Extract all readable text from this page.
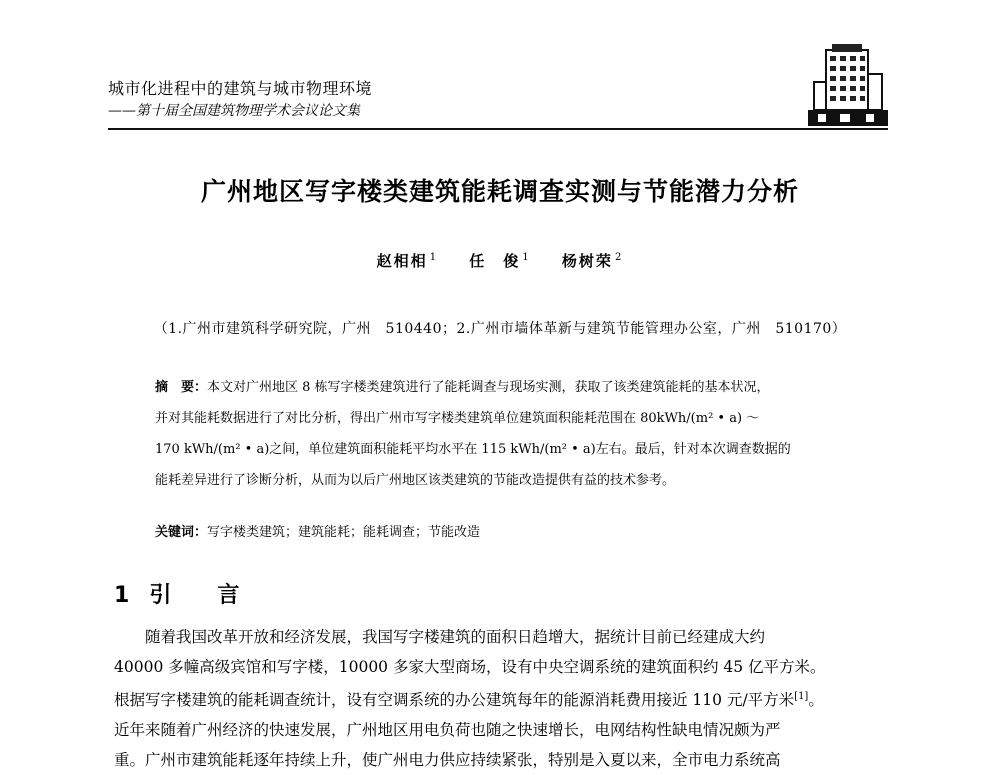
城市化进程中的建筑与城市物理环境
——第十届全国建筑物理学术会议论文集
广州地区写字楼类建筑能耗调查实测与节能潜力分析
赵相相 $^1$ 任　俊 $^1$ 杨树荣 $^2$
（1.广州市建筑科学研究院，广州　510440；2.广州市墙体革新与建筑节能管理办公室，广州　510170）
摘　要：本文对广州地区 8 栋写字楼类建筑进行了能耗调查与现场实测，获取了该类建筑能耗的基本状况，
并对其能耗数据进行了对比分析，得出广州市写字楼类建筑单位建筑面积能耗范围在 80kWh/(m² • a) ～
170 kWh/(m² • a)之间，单位建筑面积能耗平均水平在 115 kWh/(m² • a)左右。最后，针对本次调查数据的
能耗差异进行了诊断分析，从而为以后广州地区该类建筑的节能改造提供有益的技术参考。
关键词：写字楼类建筑；建筑能耗；能耗调查；节能改造
1 引　言
随着我国改革开放和经济发展，我国写字楼建筑的面积日趋增大，据统计目前已经建成大约
40000 多幢高级宾馆和写字楼，10000 多家大型商场，设有中央空调系统的建筑面积约 45 亿平方米。
根据写字楼建筑的能耗调查统计，设有空调系统的办公建筑每年的能源消耗费用接近 110 元/平方米[1]。
近年来随着广州经济的快速发展，广州地区用电负荷也随之快速增长，电网结构性缺电情况颇为严
重。广州市建筑能耗逐年持续上升，使广州电力供应持续紧张，特别是入夏以来，全市电力系统高
